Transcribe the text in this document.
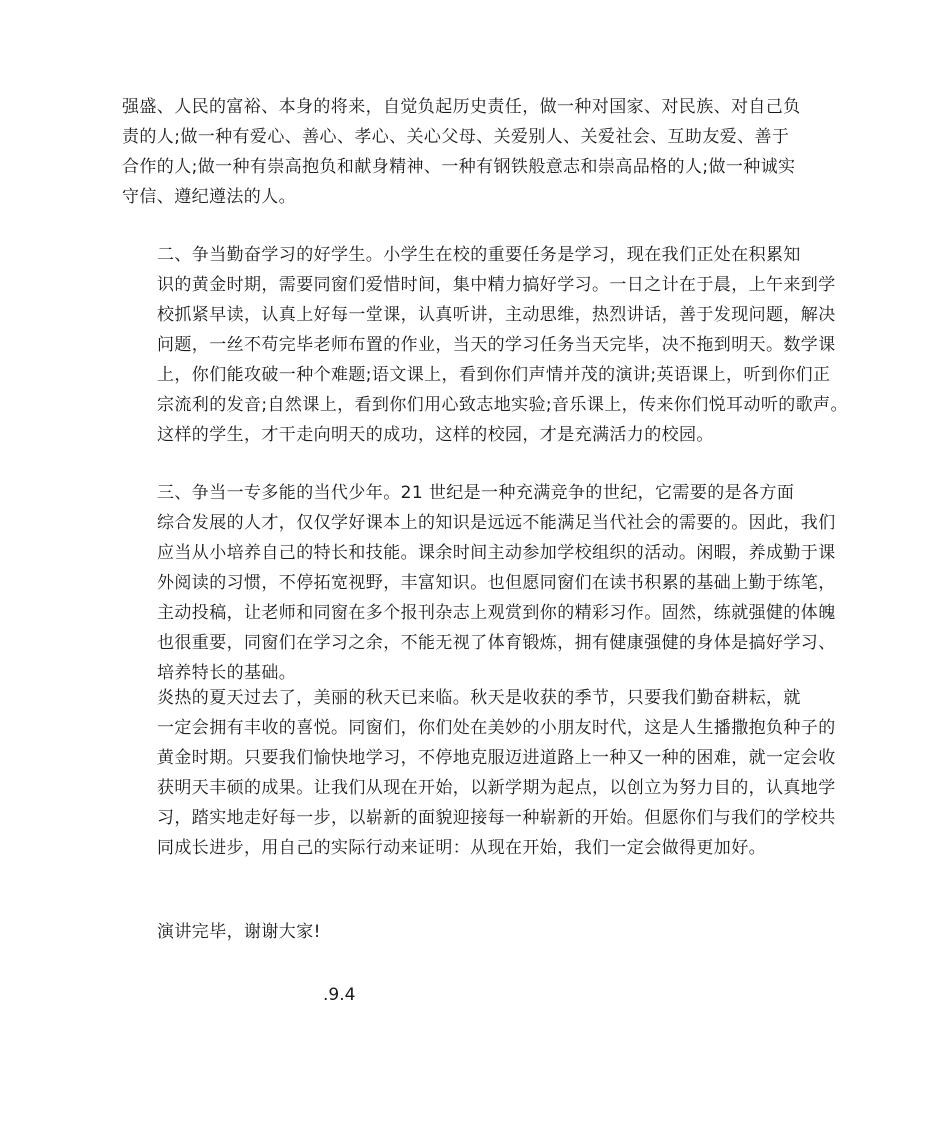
强盛、人民的富裕、本身的将来，自觉负起历史责任，做一种对国家、对民族、对自己负
责的人;做一种有爱心、善心、孝心、关心父母、关爱别人、关爱社会、互助友爱、善于
合作的人;做一种有崇高抱负和献身精神、一种有钢铁般意志和崇高品格的人;做一种诚实
守信、遵纪遵法的人。

二、争当勤奋学习的好学生。小学生在校的重要任务是学习，现在我们正处在积累知
识的黄金时期，需要同窗们爱惜时间，集中精力搞好学习。一日之计在于晨，上午来到学
校抓紧早读，认真上好每一堂课，认真听讲，主动思维，热烈讲话，善于发现问题，解决
问题，一丝不苟完毕老师布置的作业，当天的学习任务当天完毕，决不拖到明天。数学课
上，你们能攻破一种个难题;语文课上，看到你们声情并茂的演讲;英语课上，听到你们正
宗流利的发音;自然课上，看到你们用心致志地实验;音乐课上，传来你们悦耳动听的歌声。
这样的学生，才干走向明天的成功，这样的校园，才是充满活力的校园。

三、争当一专多能的当代少年。21 世纪是一种充满竞争的世纪，它需要的是各方面
综合发展的人才，仅仅学好课本上的知识是远远不能满足当代社会的需要的。因此，我们
应当从小培养自己的特长和技能。课余时间主动参加学校组织的活动。闲暇，养成勤于课
外阅读的习惯，不停拓宽视野，丰富知识。也但愿同窗们在读书积累的基础上勤于练笔，
主动投稿，让老师和同窗在多个报刊杂志上观赏到你的精彩习作。固然，练就强健的体魄
也很重要，同窗们在学习之余，不能无视了体育锻炼，拥有健康强健的身体是搞好学习、
培养特长的基础。

炎热的夏天过去了，美丽的秋天已来临。秋天是收获的季节，只要我们勤奋耕耘，就
一定会拥有丰收的喜悦。同窗们，你们处在美妙的小朋友时代，这是人生播撒抱负种子的
黄金时期。只要我们愉快地学习，不停地克服迈进道路上一种又一种的困难，就一定会收
获明天丰硕的成果。让我们从现在开始，以新学期为起点，以创立为努力目的，认真地学
习，踏实地走好每一步，以崭新的面貌迎接每一种崭新的开始。但愿你们与我们的学校共
同成长进步，用自己的实际行动来证明：从现在开始，我们一定会做得更加好。

演讲完毕，谢谢大家!

.9.4
